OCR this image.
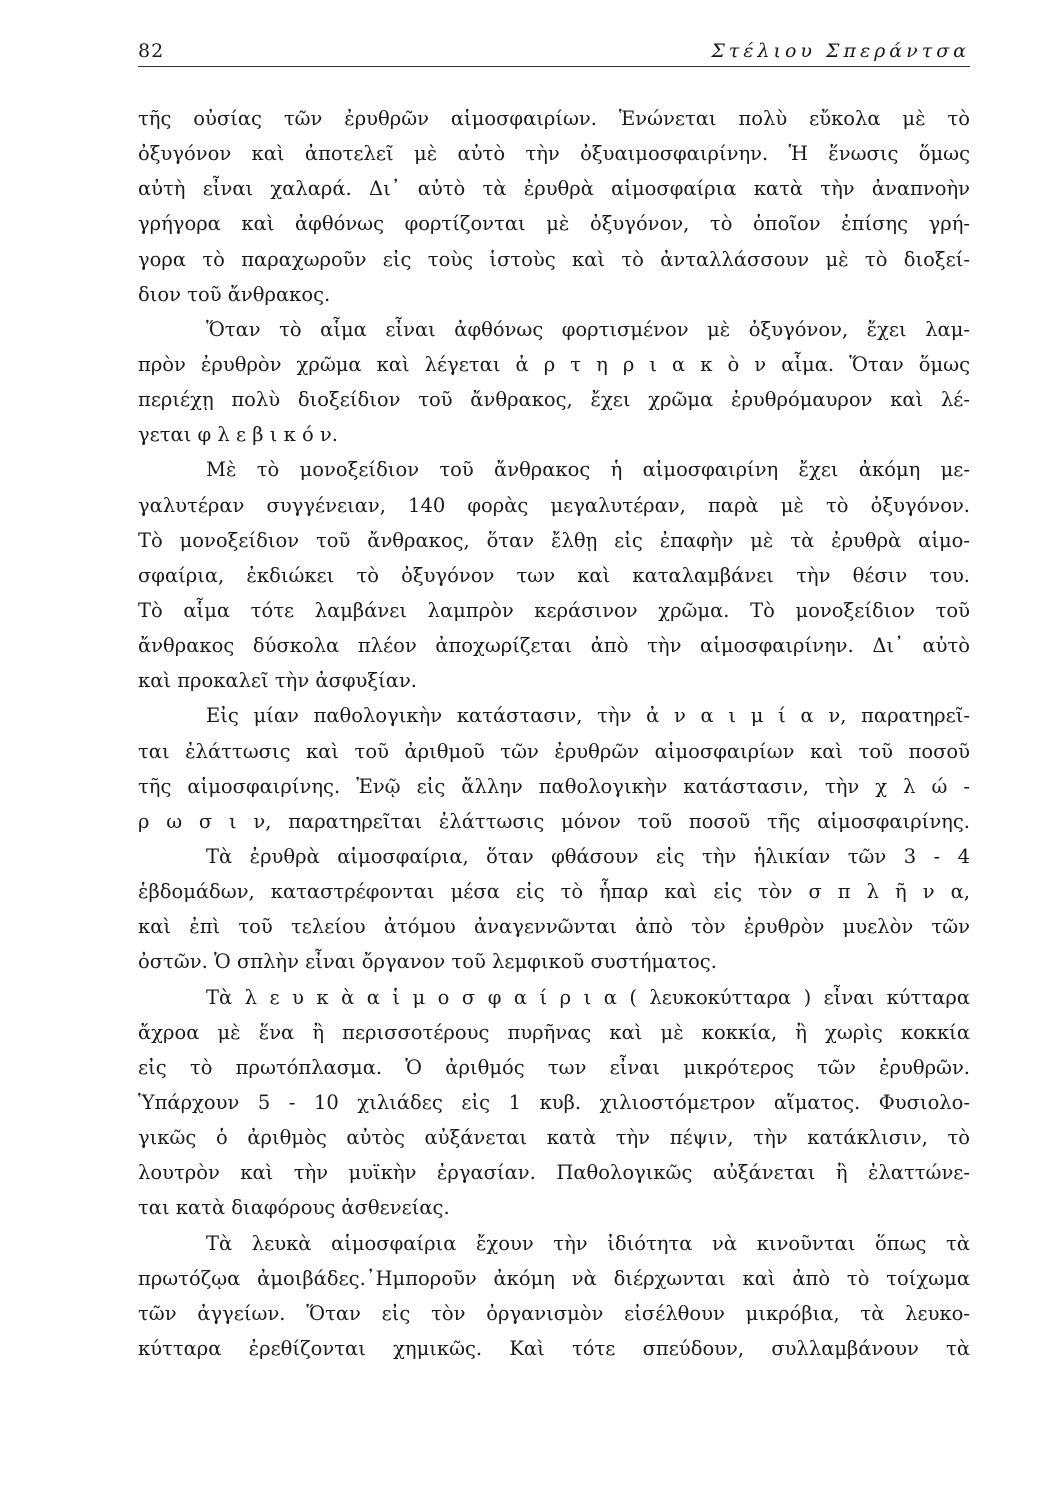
82	Στέλιου Σπεράντσα
τῆς οὐσίας τῶν ἐρυθρῶν αἱμοσφαιρίων. Ἑνώνεται πολὺ εὔκολα μὲ τὸ
ὀξυγόνον καὶ ἀποτελεῖ μὲ αὐτὸ τὴν ὀξυαιμοσφαιρίνην. Ἡ ἕνωσις ὅμως
αὐτὴ εἶναι χαλαρά. Δι᾽ αὐτὸ τὰ ἐρυθρὰ αἱμοσφαίρια κατὰ τὴν ἀναπνοὴν
γρήγορα καὶ ἀφθόνως φορτίζονται μὲ ὀξυγόνον, τὸ ὁποῖον ἐπίσης γρή-
γορα τὸ παραχωροῦν εἰς τοὺς ἱστοὺς καὶ τὸ ἀνταλλάσσουν μὲ τὸ διοξεί-
διον τοῦ ἄνθρακος.
Ὅταν τὸ αἷμα εἶναι ἀφθόνως φορτισμένον μὲ ὀξυγόνον, ἔχει λαμ-
πρὸν ἐρυθρὸν χρῶμα καὶ λέγεται ἀ ρ τ η ρ ι α κ ὸ ν αἷμα. Ὅταν ὅμως
περιέχῃ πολὺ διοξείδιον τοῦ ἄνθρακος, ἔχει χρῶμα ἐρυθρόμαυρον καὶ λέ-
γεται φ λ ε β ι κ ό ν.
Μὲ τὸ μονοξείδιον τοῦ ἄνθρακος ἡ αἱμοσφαιρίνη ἔχει ἀκόμη με-
γαλυτέραν συγγένειαν, 140 φορὰς μεγαλυτέραν, παρὰ μὲ τὸ ὀξυγόνον.
Τὸ μονοξείδιον τοῦ ἄνθρακος, ὅταν ἔλθῃ εἰς ἐπαφὴν μὲ τὰ ἐρυθρὰ αἱμο-
σφαίρια, ἐκδιώκει τὸ ὀξυγόνον των καὶ καταλαμβάνει τὴν θέσιν του.
Τὸ αἷμα τότε λαμβάνει λαμπρὸν κεράσινον χρῶμα. Τὸ μονοξείδιον τοῦ
ἄνθρακος δύσκολα πλέον ἀποχωρίζεται ἀπὸ τὴν αἱμοσφαιρίνην. Δι᾽ αὐτὸ
καὶ προκαλεῖ τὴν ἀσφυξίαν.
Εἰς μίαν παθολογικὴν κατάστασιν, τὴν ἀ ν α ι μ ί α ν, παρατηρεῖ-
ται ἐλάττωσις καὶ τοῦ ἀριθμοῦ τῶν ἐρυθρῶν αἱμοσφαιρίων καὶ τοῦ ποσοῦ
τῆς αἱμοσφαιρίνης. Ἐνῷ εἰς ἄλλην παθολογικὴν κατάστασιν, τὴν χ λ ώ -
ρ ω σ ι ν, παρατηρεῖται ἐλάττωσις μόνον τοῦ ποσοῦ τῆς αἱμοσφαιρίνης.
Τὰ ἐρυθρὰ αἱμοσφαίρια, ὅταν φθάσουν εἰς τὴν ἡλικίαν τῶν 3 - 4
ἑβδομάδων, καταστρέφονται μέσα εἰς τὸ ἧπαρ καὶ εἰς τὸν σ π λ ῆ ν α,
καὶ ἐπὶ τοῦ τελείου ἀτόμου ἀναγεννῶνται ἀπὸ τὸν ἐρυθρὸν μυελὸν τῶν
ὀστῶν. Ὁ σπλὴν εἶναι ὄργανον τοῦ λεμφικοῦ συστήματος.
Τὰ λ ε υ κ ὰ α ἱ μ ο σ φ α ί ρ ι α ( λευκοκύτταρα ) εἶναι κύτταρα
ἄχροα μὲ ἕνα ἢ περισσοτέρους πυρῆνας καὶ μὲ κοκκία, ἢ χωρὶς κοκκία
εἰς τὸ πρωτόπλασμα. Ὁ ἀριθμός των εἶναι μικρότερος τῶν ἐρυθρῶν.
Ὑπάρχουν 5 - 10 χιλιάδες εἰς 1 κυβ. χιλιοστόμετρον αἵματος. Φυσιολο-
γικῶς ὁ ἀριθμὸς αὐτὸς αὐξάνεται κατὰ τὴν πέψιν, τὴν κατάκλισιν, τὸ
λουτρὸν καὶ τὴν μυϊκὴν ἐργασίαν. Παθολογικῶς αὐξάνεται ἢ ἐλαττώνε-
ται κατὰ διαφόρους ἀσθενείας.
Τὰ λευκὰ αἱμοσφαίρια ἔχουν τὴν ἰδιότητα νὰ κινοῦνται ὅπως τὰ
πρωτόζῳα ἀμοιβάδες.᾽Ημποροῦν ἀκόμη νὰ διέρχωνται καὶ ἀπὸ τὸ τοίχωμα
τῶν ἀγγείων. Ὅταν εἰς τὸν ὀργανισμὸν εἰσέλθουν μικρόβια, τὰ λευκο-
κύτταρα ἐρεθίζονται χημικῶς. Καὶ τότε σπεύδουν, συλλαμβάνουν τὰ
